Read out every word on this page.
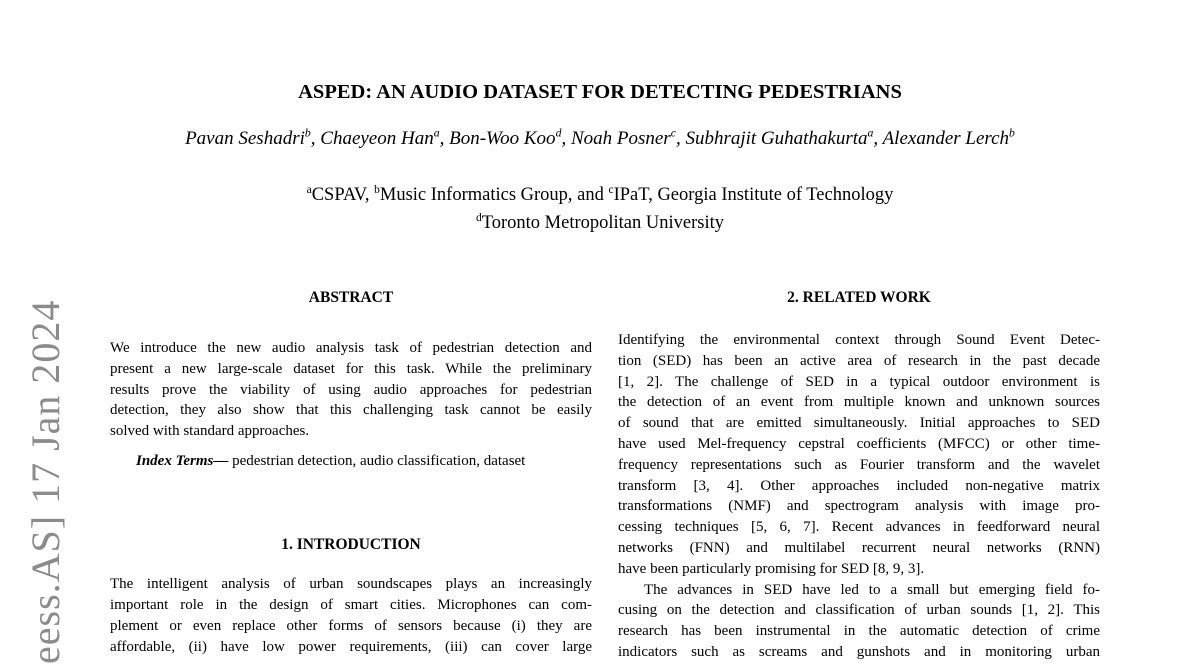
eess.AS] 17 Jan 2024
ASPED: AN AUDIO DATASET FOR DETECTING PEDESTRIANS
Pavan Seshadri$^b$, Chaeyeon Han$^a$, Bon-Woo Koo$^d$, Noah Posner$^c$, Subhrajit Guhathakurta$^a$, Alexander Lerch$^b$
$^a$CSPAV, $^b$Music Informatics Group, and $^c$IPaT, Georgia Institute of Technology
$^d$Toronto Metropolitan University
ABSTRACT
We introduce the new audio analysis task of pedestrian detection and
present a new large-scale dataset for this task. While the preliminary
results prove the viability of using audio approaches for pedestrian
detection, they also show that this challenging task cannot be easily
solved with standard approaches.
Index Terms— pedestrian detection, audio classification, dataset
1. INTRODUCTION
The intelligent analysis of urban soundscapes plays an increasingly
important role in the design of smart cities. Microphones can com-
plement or even replace other forms of sensors because (i) they are
affordable, (ii) have low power requirements, (iii) can cover large
2. RELATED WORK
Identifying the environmental context through Sound Event Detec-
tion (SED) has been an active area of research in the past decade
[1, 2]. The challenge of SED in a typical outdoor environment is
the detection of an event from multiple known and unknown sources
of sound that are emitted simultaneously. Initial approaches to SED
have used Mel-frequency cepstral coefficients (MFCC) or other time-
frequency representations such as Fourier transform and the wavelet
transform [3, 4]. Other approaches included non-negative matrix
transformations (NMF) and spectrogram analysis with image pro-
cessing techniques [5, 6, 7]. Recent advances in feedforward neural
networks (FNN) and multilabel recurrent neural networks (RNN)
have been particularly promising for SED [8, 9, 3].
The advances in SED have led to a small but emerging field fo-
cusing on the detection and classification of urban sounds [1, 2]. This
research has been instrumental in the automatic detection of crime
indicators such as screams and gunshots and in monitoring urban
